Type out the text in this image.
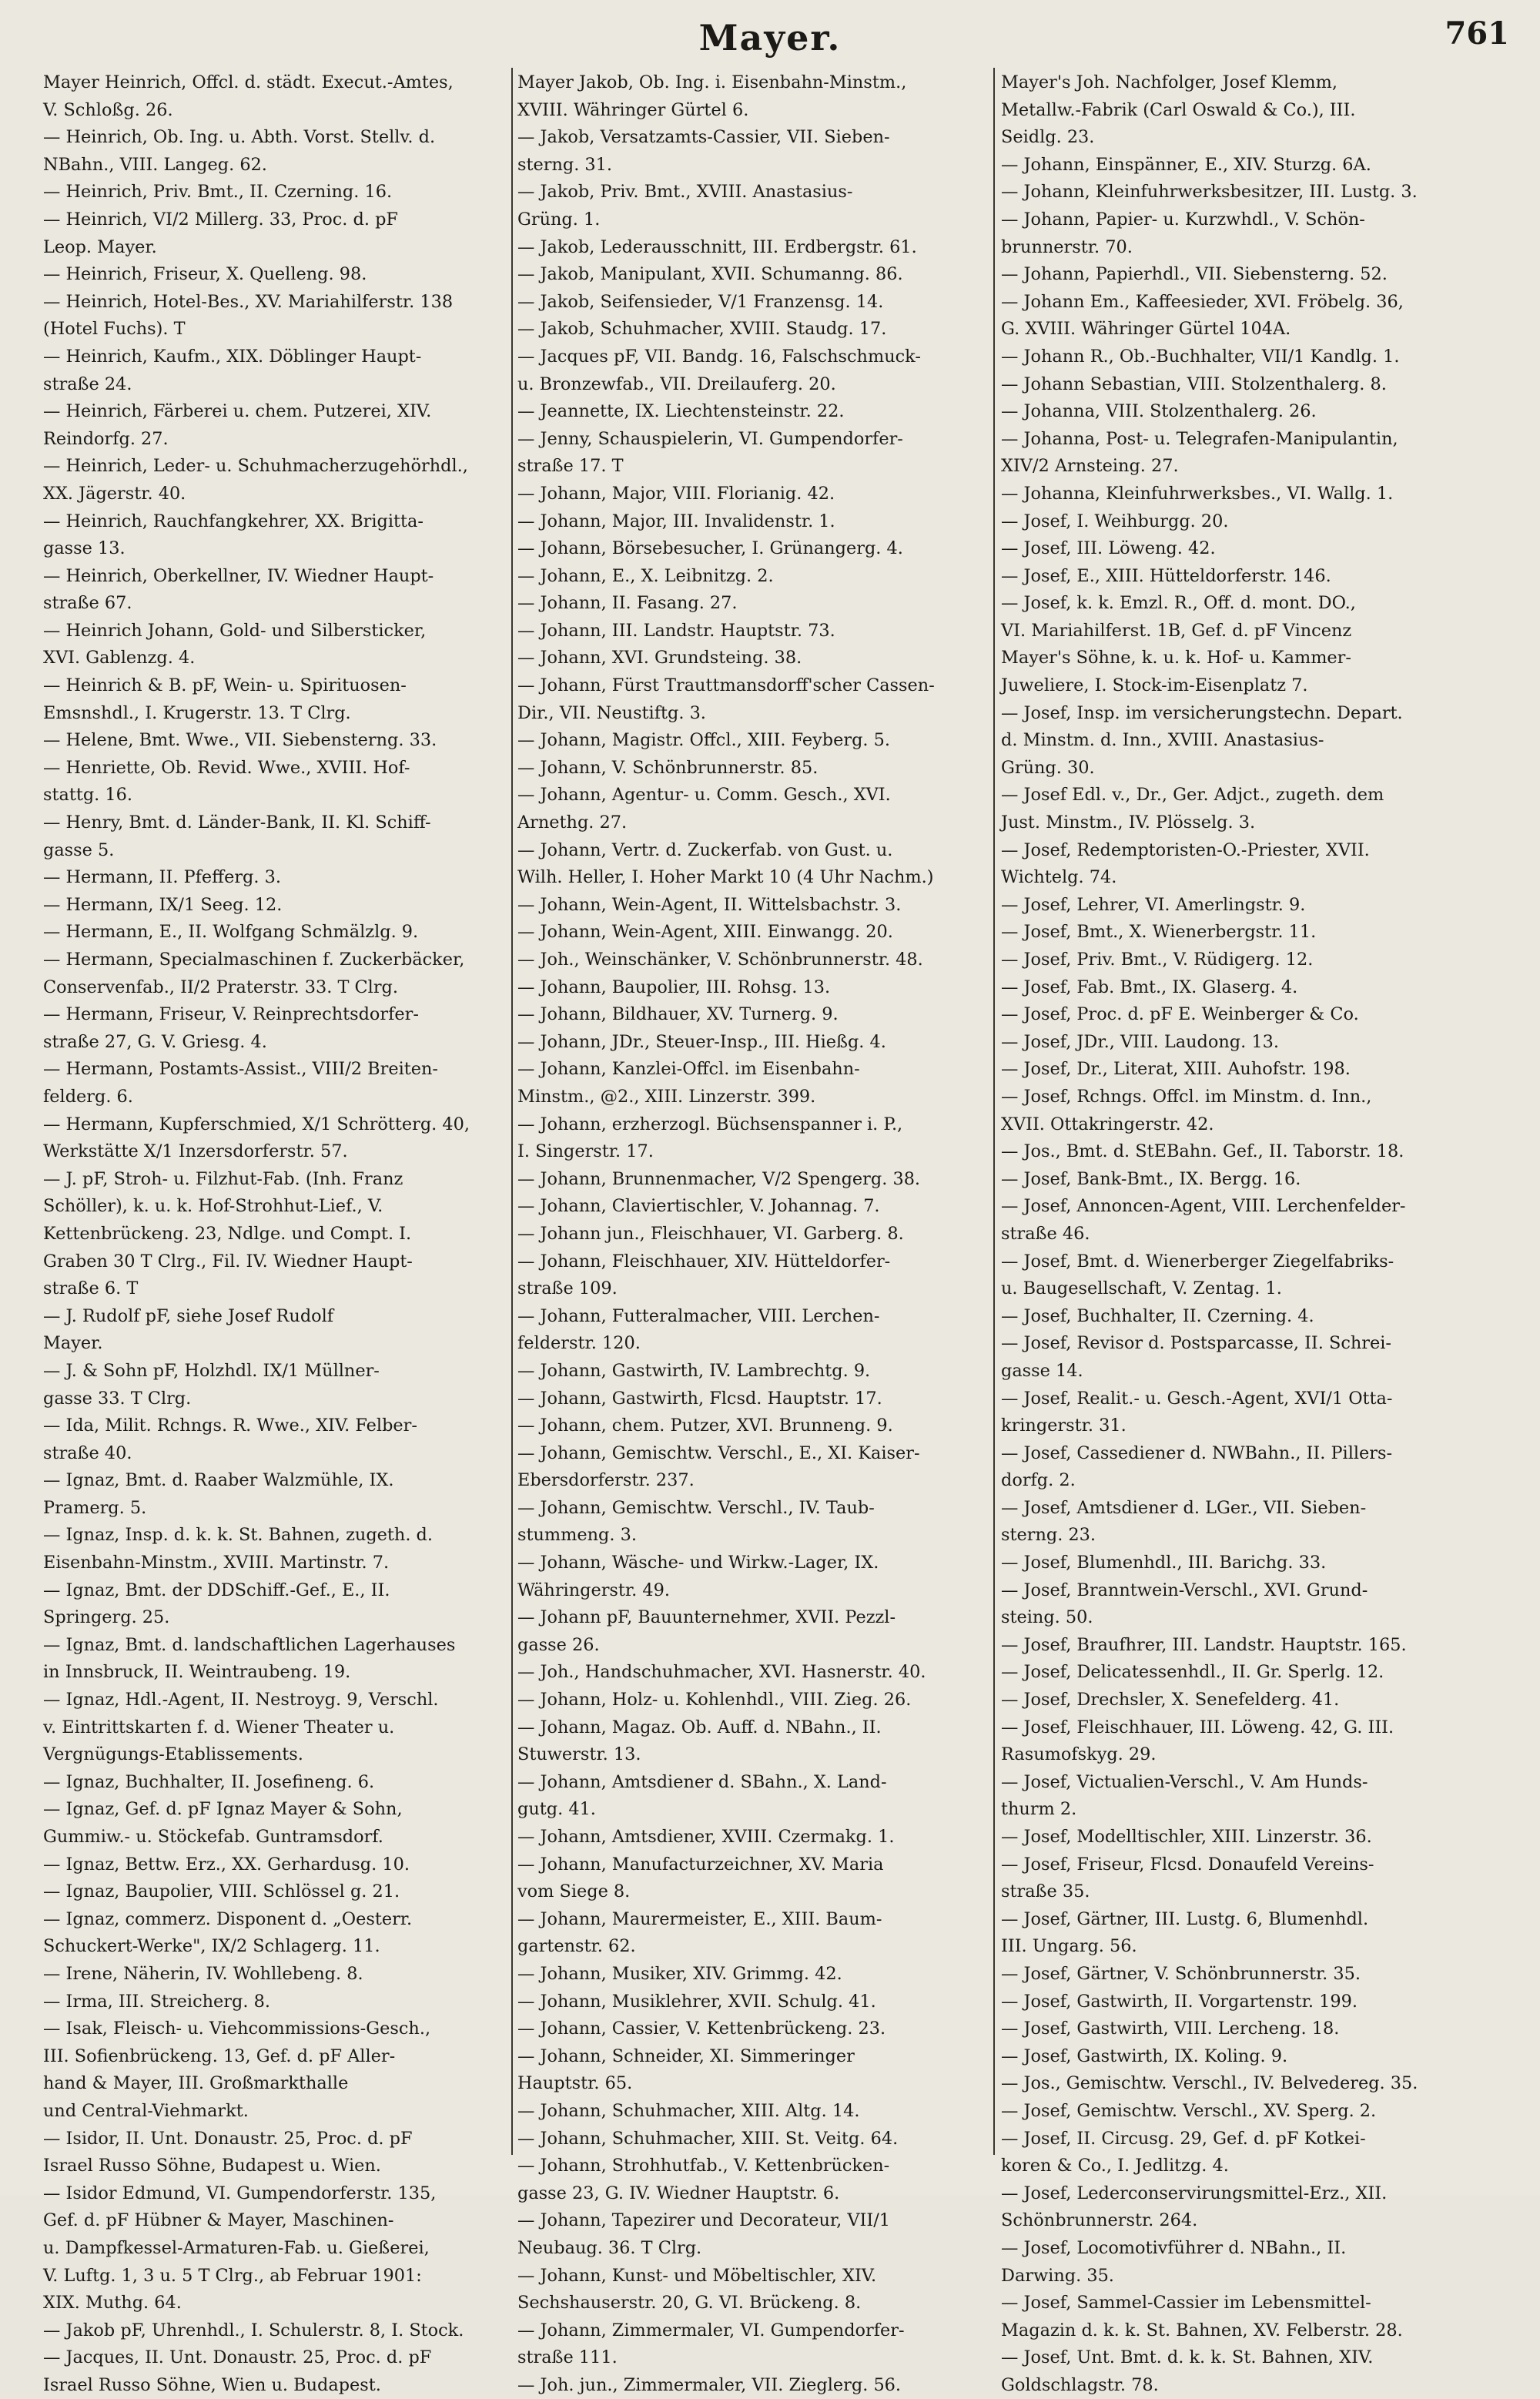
Mayer.	761
Mayer Heinrich, Offcl. d. städt. Execut.-Amtes,
V. Schloßg. 26.
— Heinrich, Ob. Ing. u. Abth. Vorst. Stellv. d.
NBahn., VIII. Langeg. 62.
— Heinrich, Priv. Bmt., II. Czerning. 16.
— Heinrich, VI/2 Millerg. 33, Proc. d. pF
Leop. Mayer.
— Heinrich, Friseur, X. Quelleng. 98.
— Heinrich, Hotel-Bes., XV. Mariahilferstr. 138
(Hotel Fuchs). T
— Heinrich, Kaufm., XIX. Döblinger Haupt-
straße 24.
— Heinrich, Färberei u. chem. Putzerei, XIV.
Reindorfg. 27.
— Heinrich, Leder- u. Schuhmacherzugehörhdl.,
XX. Jägerstr. 40.
— Heinrich, Rauchfangkehrer, XX. Brigitta-
gasse 13.
— Heinrich, Oberkellner, IV. Wiedner Haupt-
straße 67.
— Heinrich Johann, Gold- und Silbersticker,
XVI. Gablenzg. 4.
— Heinrich & B. pF, Wein- u. Spirituosen-
Emsnshdl., I. Krugerstr. 13. T Clrg.
— Helene, Bmt. Wwe., VII. Siebensterng. 33.
— Henriette, Ob. Revid. Wwe., XVIII. Hof-
stattg. 16.
— Henry, Bmt. d. Länder-Bank, II. Kl. Schiff-
gasse 5.
— Hermann, II. Pfefferg. 3.
— Hermann, IX/1 Seeg. 12.
— Hermann, E., II. Wolfgang Schmälzlg. 9.
— Hermann, Specialmaschinen f. Zuckerbäcker,
Conservenfab., II/2 Praterstr. 33. T Clrg.
— Hermann, Friseur, V. Reinprechtsdorfer-
straße 27, G. V. Griesg. 4.
— Hermann, Postamts-Assist., VIII/2 Breiten-
felderg. 6.
— Hermann, Kupferschmied, X/1 Schrötterg. 40,
Werkstätte X/1 Inzersdorferstr. 57.
— J. pF, Stroh- u. Filzhut-Fab. (Inh. Franz
Schöller), k. u. k. Hof-Strohhut-Lief., V.
Kettenbrückeng. 23, Ndlge. und Compt. I.
Graben 30 T Clrg., Fil. IV. Wiedner Haupt-
straße 6. T
— J. Rudolf pF, siehe Josef Rudolf
Mayer.
— J. & Sohn pF, Holzhdl. IX/1 Müllner-
gasse 33. T Clrg.
— Ida, Milit. Rchngs. R. Wwe., XIV. Felber-
straße 40.
— Ignaz, Bmt. d. Raaber Walzmühle, IX.
Pramerg. 5.
— Ignaz, Insp. d. k. k. St. Bahnen, zugeth. d.
Eisenbahn-Minstm., XVIII. Martinstr. 7.
— Ignaz, Bmt. der DDSchiff.-Gef., E., II.
Springerg. 25.
— Ignaz, Bmt. d. landschaftlichen Lagerhauses
in Innsbruck, II. Weintraubeng. 19.
— Ignaz, Hdl.-Agent, II. Nestroyg. 9, Verschl.
v. Eintrittskarten f. d. Wiener Theater u.
Vergnügungs-Etablissements.
— Ignaz, Buchhalter, II. Josefineng. 6.
— Ignaz, Gef. d. pF Ignaz Mayer & Sohn,
Gummiw.- u. Stöckefab. Guntramsdorf.
— Ignaz, Bettw. Erz., XX. Gerhardusg. 10.
— Ignaz, Baupolier, VIII. Schlössel g. 21.
— Ignaz, commerz. Disponent d. „Oesterr.
Schuckert-Werke", IX/2 Schlagerg. 11.
— Irene, Näherin, IV. Wohllebeng. 8.
— Irma, III. Streicherg. 8.
— Isak, Fleisch- u. Viehcommissions-Gesch.,
III. Sofienbrückeng. 13, Gef. d. pF Aller-
hand & Mayer, III. Großmarkthalle
und Central-Viehmarkt.
— Isidor, II. Unt. Donaustr. 25, Proc. d. pF
Israel Russo Söhne, Budapest u. Wien.
— Isidor Edmund, VI. Gumpendorferstr. 135,
Gef. d. pF Hübner & Mayer, Maschinen-
u. Dampfkessel-Armaturen-Fab. u. Gießerei,
V. Luftg. 1, 3 u. 5 T Clrg., ab Februar 1901:
XIX. Muthg. 64.
— Jakob pF, Uhrenhdl., I. Schulerstr. 8, I. Stock.
— Jacques, II. Unt. Donaustr. 25, Proc. d. pF
Israel Russo Söhne, Wien u. Budapest.
Mayer Jakob, Ob. Ing. i. Eisenbahn-Minstm.,
XVIII. Währinger Gürtel 6.
— Jakob, Versatzamts-Cassier, VII. Sieben-
sterng. 31.
— Jakob, Priv. Bmt., XVIII. Anastasius-
Grüng. 1.
— Jakob, Lederausschnitt, III. Erdbergstr. 61.
— Jakob, Manipulant, XVII. Schumanng. 86.
— Jakob, Seifensieder, V/1 Franzensg. 14.
— Jakob, Schuhmacher, XVIII. Staudg. 17.
— Jacques pF, VII. Bandg. 16, Falschschmuck-
u. Bronzewfab., VII. Dreilauferg. 20.
— Jeannette, IX. Liechtensteinstr. 22.
— Jenny, Schauspielerin, VI. Gumpendorfer-
straße 17. T
— Johann, Major, VIII. Florianig. 42.
— Johann, Major, III. Invalidenstr. 1.
— Johann, Börsebesucher, I. Grünangerg. 4.
— Johann, E., X. Leibnitzg. 2.
— Johann, II. Fasang. 27.
— Johann, III. Landstr. Hauptstr. 73.
— Johann, XVI. Grundsteing. 38.
— Johann, Fürst Trauttmansdorff'scher Cassen-
Dir., VII. Neustiftg. 3.
— Johann, Magistr. Offcl., XIII. Feyberg. 5.
— Johann, V. Schönbrunnerstr. 85.
— Johann, Agentur- u. Comm. Gesch., XVI.
Arnethg. 27.
— Johann, Vertr. d. Zuckerfab. von Gust. u.
Wilh. Heller, I. Hoher Markt 10 (4 Uhr Nachm.)
— Johann, Wein-Agent, II. Wittelsbachstr. 3.
— Johann, Wein-Agent, XIII. Einwangg. 20.
— Joh., Weinschänker, V. Schönbrunnerstr. 48.
— Johann, Baupolier, III. Rohsg. 13.
— Johann, Bildhauer, XV. Turnerg. 9.
— Johann, JDr., Steuer-Insp., III. Hießg. 4.
— Johann, Kanzlei-Offcl. im Eisenbahn-
Minstm., @2., XIII. Linzerstr. 399.
— Johann, erzherzogl. Büchsenspanner i. P.,
I. Singerstr. 17.
— Johann, Brunnenmacher, V/2 Spengerg. 38.
— Johann, Claviertischler, V. Johannag. 7.
— Johann jun., Fleischhauer, VI. Garberg. 8.
— Johann, Fleischhauer, XIV. Hütteldorfer-
straße 109.
— Johann, Futteralmacher, VIII. Lerchen-
felderstr. 120.
— Johann, Gastwirth, IV. Lambrechtg. 9.
— Johann, Gastwirth, Flcsd. Hauptstr. 17.
— Johann, chem. Putzer, XVI. Brunneng. 9.
— Johann, Gemischtw. Verschl., E., XI. Kaiser-
Ebersdorferstr. 237.
— Johann, Gemischtw. Verschl., IV. Taub-
stummeng. 3.
— Johann, Wäsche- und Wirkw.-Lager, IX.
Währingerstr. 49.
— Johann pF, Bauunternehmer, XVII. Pezzl-
gasse 26.
— Joh., Handschuhmacher, XVI. Hasnerstr. 40.
— Johann, Holz- u. Kohlenhdl., VIII. Zieg. 26.
— Johann, Magaz. Ob. Auff. d. NBahn., II.
Stuwerstr. 13.
— Johann, Amtsdiener d. SBahn., X. Land-
gutg. 41.
— Johann, Amtsdiener, XVIII. Czermakg. 1.
— Johann, Manufacturzeichner, XV. Maria
vom Siege 8.
— Johann, Maurermeister, E., XIII. Baum-
gartenstr. 62.
— Johann, Musiker, XIV. Grimmg. 42.
— Johann, Musiklehrer, XVII. Schulg. 41.
— Johann, Cassier, V. Kettenbrückeng. 23.
— Johann, Schneider, XI. Simmeringer
Hauptstr. 65.
— Johann, Schuhmacher, XIII. Altg. 14.
— Johann, Schuhmacher, XIII. St. Veitg. 64.
— Johann, Strohhutfab., V. Kettenbrücken-
gasse 23, G. IV. Wiedner Hauptstr. 6.
— Johann, Tapezirer und Decorateur, VII/1
Neubaug. 36. T Clrg.
— Johann, Kunst- und Möbeltischler, XIV.
Sechshauserstr. 20, G. VI. Brückeng. 8.
— Johann, Zimmermaler, VI. Gumpendorfer-
straße 111.
— Joh. jun., Zimmermaler, VII. Zieglerg. 56.
Mayer's Joh. Nachfolger, Josef Klemm,
Metallw.-Fabrik (Carl Oswald & Co.), III.
Seidlg. 23.
— Johann, Einspänner, E., XIV. Sturzg. 6A.
— Johann, Kleinfuhrwerksbesitzer, III. Lustg. 3.
— Johann, Papier- u. Kurzwhdl., V. Schön-
brunnerstr. 70.
— Johann, Papierhdl., VII. Siebensterng. 52.
— Johann Em., Kaffeesieder, XVI. Fröbelg. 36,
G. XVIII. Währinger Gürtel 104A.
— Johann R., Ob.-Buchhalter, VII/1 Kandlg. 1.
— Johann Sebastian, VIII. Stolzenthalerg. 8.
— Johanna, VIII. Stolzenthalerg. 26.
— Johanna, Post- u. Telegrafen-Manipulantin,
XIV/2 Arnsteing. 27.
— Johanna, Kleinfuhrwerksbes., VI. Wallg. 1.
— Josef, I. Weihburgg. 20.
— Josef, III. Löweng. 42.
— Josef, E., XIII. Hütteldorferstr. 146.
— Josef, k. k. Emzl. R., Off. d. mont. DO.,
VI. Mariahilferst. 1B, Gef. d. pF Vincenz
Mayer's Söhne, k. u. k. Hof- u. Kammer-
Juweliere, I. Stock-im-Eisenplatz 7.
— Josef, Insp. im versicherungstechn. Depart.
d. Minstm. d. Inn., XVIII. Anastasius-
Grüng. 30.
— Josef Edl. v., Dr., Ger. Adjct., zugeth. dem
Just. Minstm., IV. Plösselg. 3.
— Josef, Redemptoristen-O.-Priester, XVII.
Wichtelg. 74.
— Josef, Lehrer, VI. Amerlingstr. 9.
— Josef, Bmt., X. Wienerbergstr. 11.
— Josef, Priv. Bmt., V. Rüdigerg. 12.
— Josef, Fab. Bmt., IX. Glaserg. 4.
— Josef, Proc. d. pF E. Weinberger & Co.
— Josef, JDr., VIII. Laudong. 13.
— Josef, Dr., Literat, XIII. Auhofstr. 198.
— Josef, Rchngs. Offcl. im Minstm. d. Inn.,
XVII. Ottakringerstr. 42.
— Jos., Bmt. d. StEBahn. Gef., II. Taborstr. 18.
— Josef, Bank-Bmt., IX. Bergg. 16.
— Josef, Annoncen-Agent, VIII. Lerchenfelder-
straße 46.
— Josef, Bmt. d. Wienerberger Ziegelfabriks-
u. Baugesellschaft, V. Zentag. 1.
— Josef, Buchhalter, II. Czerning. 4.
— Josef, Revisor d. Postsparcasse, II. Schrei-
gasse 14.
— Josef, Realit.- u. Gesch.-Agent, XVI/1 Otta-
kringerstr. 31.
— Josef, Cassediener d. NWBahn., II. Pillers-
dorfg. 2.
— Josef, Amtsdiener d. LGer., VII. Sieben-
sterng. 23.
— Josef, Blumenhdl., III. Barichg. 33.
— Josef, Branntwein-Verschl., XVI. Grund-
steing. 50.
— Josef, Braufhrer, III. Landstr. Hauptstr. 165.
— Josef, Delicatessenhdl., II. Gr. Sperlg. 12.
— Josef, Drechsler, X. Senefelderg. 41.
— Josef, Fleischhauer, III. Löweng. 42, G. III.
Rasumofskyg. 29.
— Josef, Victualien-Verschl., V. Am Hunds-
thurm 2.
— Josef, Modelltischler, XIII. Linzerstr. 36.
— Josef, Friseur, Flcsd. Donaufeld Vereins-
straße 35.
— Josef, Gärtner, III. Lustg. 6, Blumenhdl.
III. Ungarg. 56.
— Josef, Gärtner, V. Schönbrunnerstr. 35.
— Josef, Gastwirth, II. Vorgartenstr. 199.
— Josef, Gastwirth, VIII. Lercheng. 18.
— Josef, Gastwirth, IX. Koling. 9.
— Jos., Gemischtw. Verschl., IV. Belvedereg. 35.
— Josef, Gemischtw. Verschl., XV. Sperg. 2.
— Josef, II. Circusg. 29, Gef. d. pF Kotkei-
koren & Co., I. Jedlitzg. 4.
— Josef, Lederconservirungsmittel-Erz., XII.
Schönbrunnerstr. 264.
— Josef, Locomotivführer d. NBahn., II.
Darwing. 35.
— Josef, Sammel-Cassier im Lebensmittel-
Magazin d. k. k. St. Bahnen, XV. Felberstr. 28.
— Josef, Unt. Bmt. d. k. k. St. Bahnen, XIV.
Goldschlagstr. 78.
